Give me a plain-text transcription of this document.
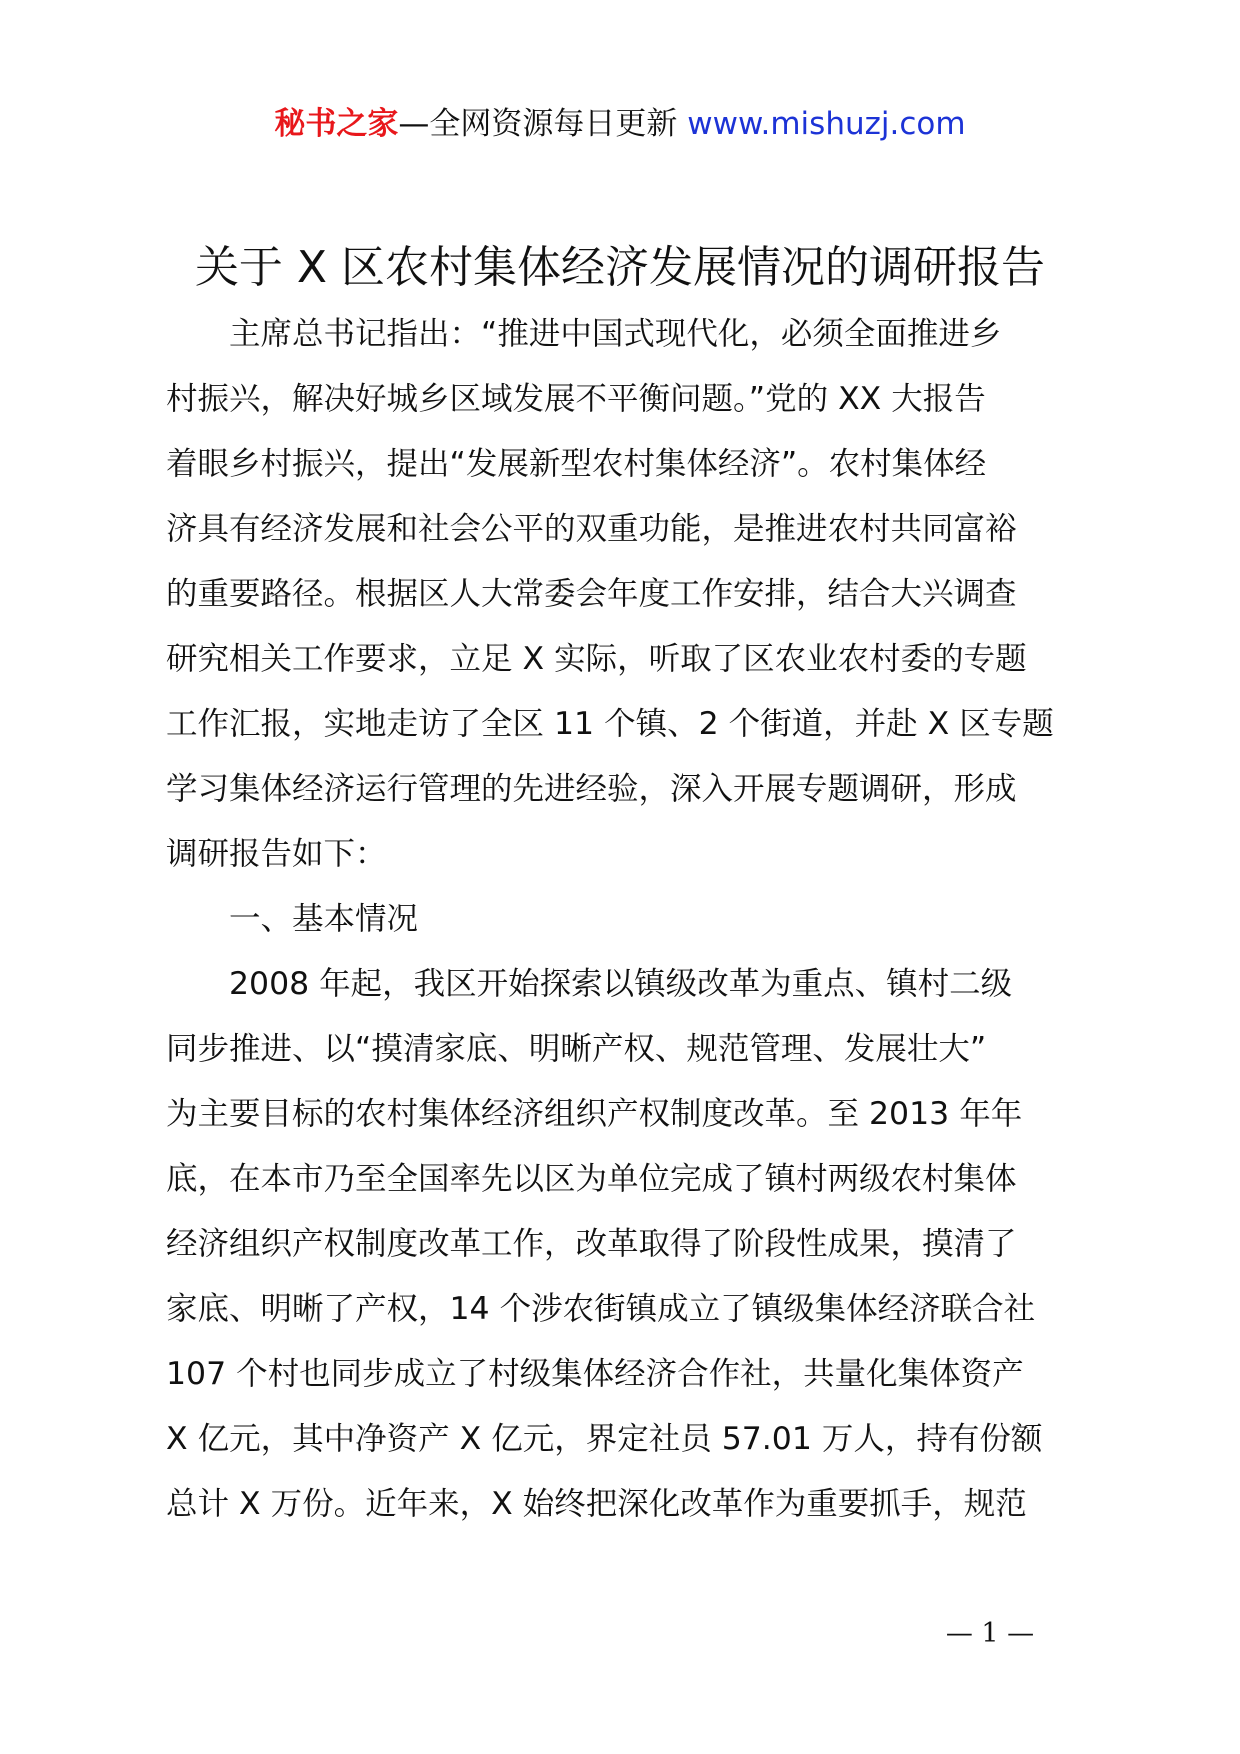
秘书之家—全网资源每日更新 www.mishuzj.com
关于 X 区农村集体经济发展情况的调研报告
　　主席总书记指出：“推进中国式现代化，必须全面推进乡
村振兴，解决好城乡区域发展不平衡问题。”党的 XX 大报告
着眼乡村振兴，提出“发展新型农村集体经济”。农村集体经
济具有经济发展和社会公平的双重功能，是推进农村共同富裕
的重要路径。根据区人大常委会年度工作安排，结合大兴调查
研究相关工作要求，立足 X 实际，听取了区农业农村委的专题
工作汇报，实地走访了全区 11 个镇、2 个街道，并赴 X 区专题
学习集体经济运行管理的先进经验，深入开展专题调研，形成
调研报告如下：
　　一、基本情况
　　2008 年起，我区开始探索以镇级改革为重点、镇村二级
同步推进、以“摸清家底、明晰产权、规范管理、发展壮大”
为主要目标的农村集体经济组织产权制度改革。至 2013 年年
底，在本市乃至全国率先以区为单位完成了镇村两级农村集体
经济组织产权制度改革工作，改革取得了阶段性成果，摸清了
家底、明晰了产权，14 个涉农街镇成立了镇级集体经济联合社
107 个村也同步成立了村级集体经济合作社，共量化集体资产
X 亿元，其中净资产 X 亿元，界定社员 57.01 万人，持有份额
总计 X 万份。近年来，X 始终把深化改革作为重要抓手，规范
— 1 —
